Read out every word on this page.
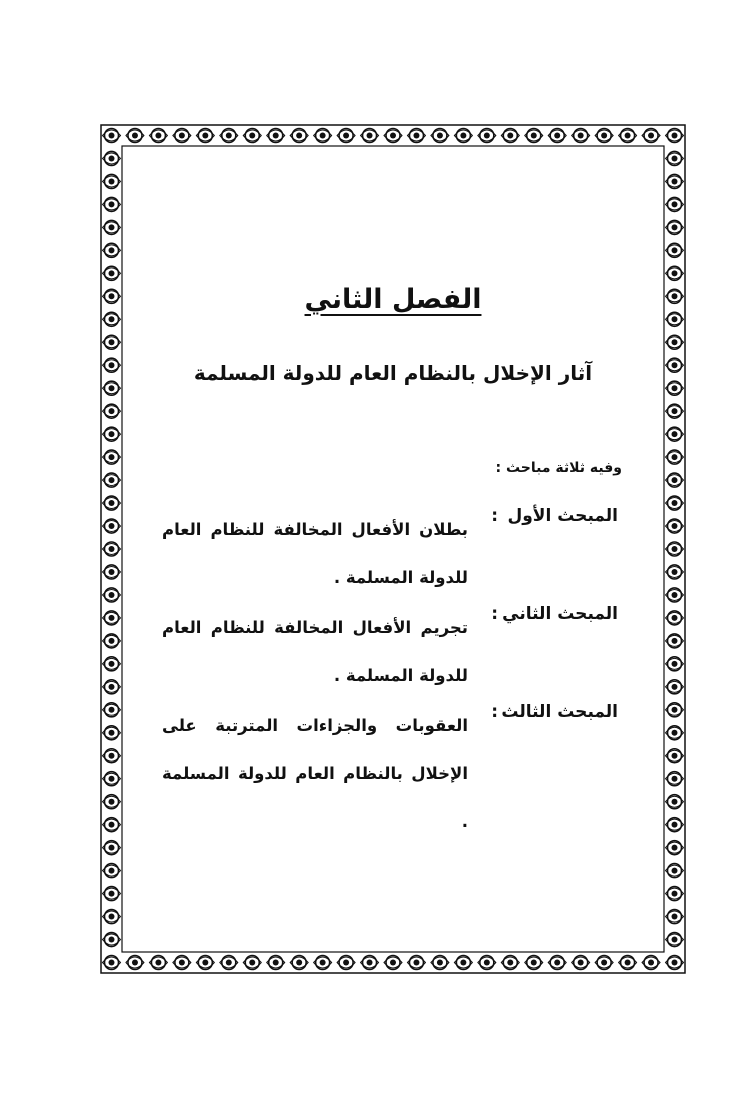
الفصل الثاني
آثار الإخلال بالنظام العام للدولة المسلمة
وفيه ثلاثة مباحث :
المبحث الأول
:
بطلان الأفعال المخالفة للنظام العام للدولة المسلمة .
المبحث الثاني
:
تجريم الأفعال المخالفة للنظام العام للدولة المسلمة .
المبحث الثالث
:
العقوبات والجزاءات المترتبة على الإخلال بالنظام العام للدولة المسلمة .
